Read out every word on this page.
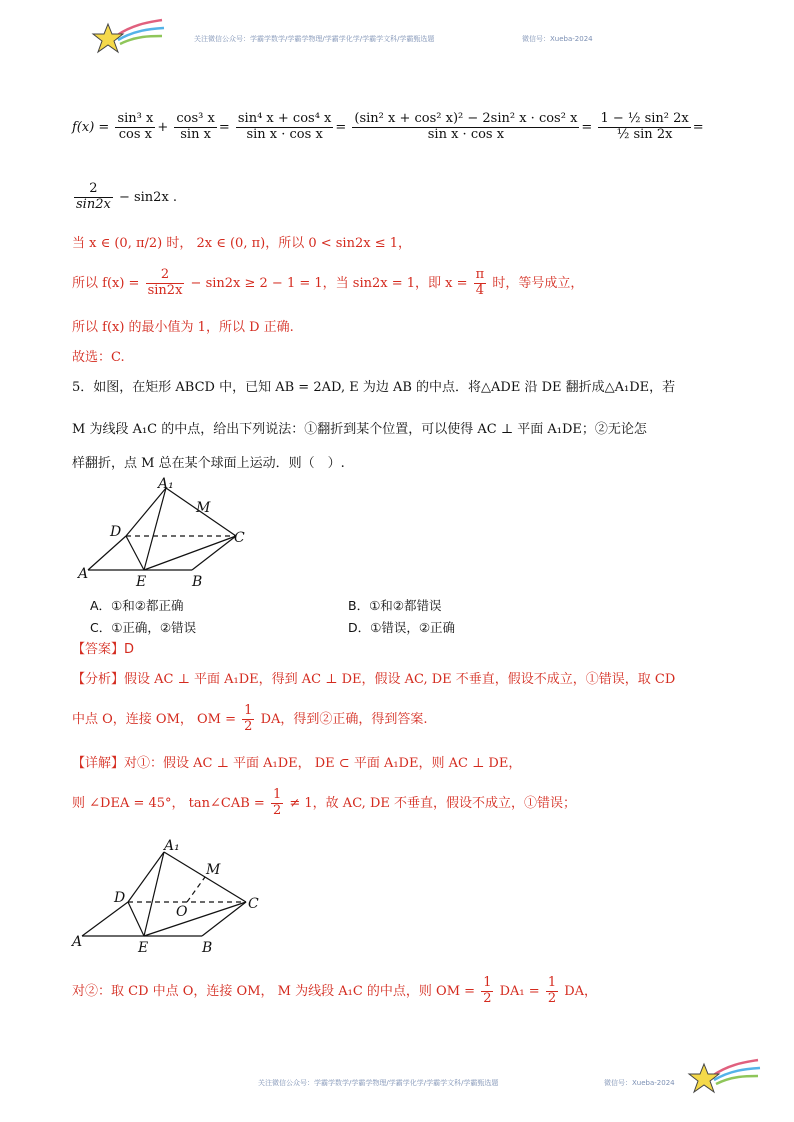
关注微信公众号：学霸学数学/学霸学物理/学霸学化学/学霸学文科/学霸甄选题	微信号：Xueba-2024
$f(x) = \frac{\text{sin³ x}}{\text{cos x}} + \frac{\text{cos³ x}}{\text{sin x}} = \frac{\text{sin⁴ x + cos⁴ x}}{\text{sin x · cos x}} = \frac{\text{(sin² x + cos² x)² − 2sin² x · cos² x}}{\text{sin x · cos x}} = \frac{\text{1 − ½ sin² 2x}}{\text{½ sin 2x}}$ =
$\frac{2}{\sin 2x} - \sin 2x$ .
当 x ∈ (0, π/2) 时， 2x ∈ (0, π)，所以 0 < sin2x ≤ 1，
所以 $f(x) = \frac{2}{\sin 2x} - \sin 2x \ge 2 - 1 = 1$，当 sin2x = 1，即 $x = \frac{\pi}{4}$ 时，等号成立，
所以 f(x) 的最小值为 1，所以 D 正确.
故选：C.
5．如图，在矩形 ABCD 中，已知 AB = 2AD, E 为边 AB 的中点．将△ADE 沿 DE 翻折成△A₁DE，若
M 为线段 A₁C 的中点，给出下列说法：①翻折到某个位置，可以使得 AC ⊥ 平面 A₁DE；②无论怎
样翻折，点 M 总在某个球面上运动．则（　）.
A
A₁
B
C
D
E
M
A．①和②都正确	B．①和②都错误
C．①正确，②错误	D．①错误，②正确
【答案】D
【分析】假设 AC ⊥ 平面 A₁DE，得到 AC ⊥ DE，假设 AC, DE 不垂直，假设不成立，①错误，取 CD
中点 O，连接 OM， OM = $\frac{1}{2}$ DA，得到②正确，得到答案.
【详解】对①：假设 AC ⊥ 平面 A₁DE， DE ⊂ 平面 A₁DE，则 AC ⊥ DE，
则 ∠DEA = 45°， tan∠CAB = $\frac{1}{2} \ne 1$，故 AC, DE 不垂直，假设不成立，①错误；
A
A₁
B
C
D
E
M
O
对②：取 CD 中点 O，连接 OM， M 为线段 A₁C 的中点，则 OM = $\frac{1}{2} DA_1 = \frac{1}{2}$ DA，
关注微信公众号：学霸学数学/学霸学物理/学霸学化学/学霸学文科/学霸甄选题	微信号：Xueba-2024
